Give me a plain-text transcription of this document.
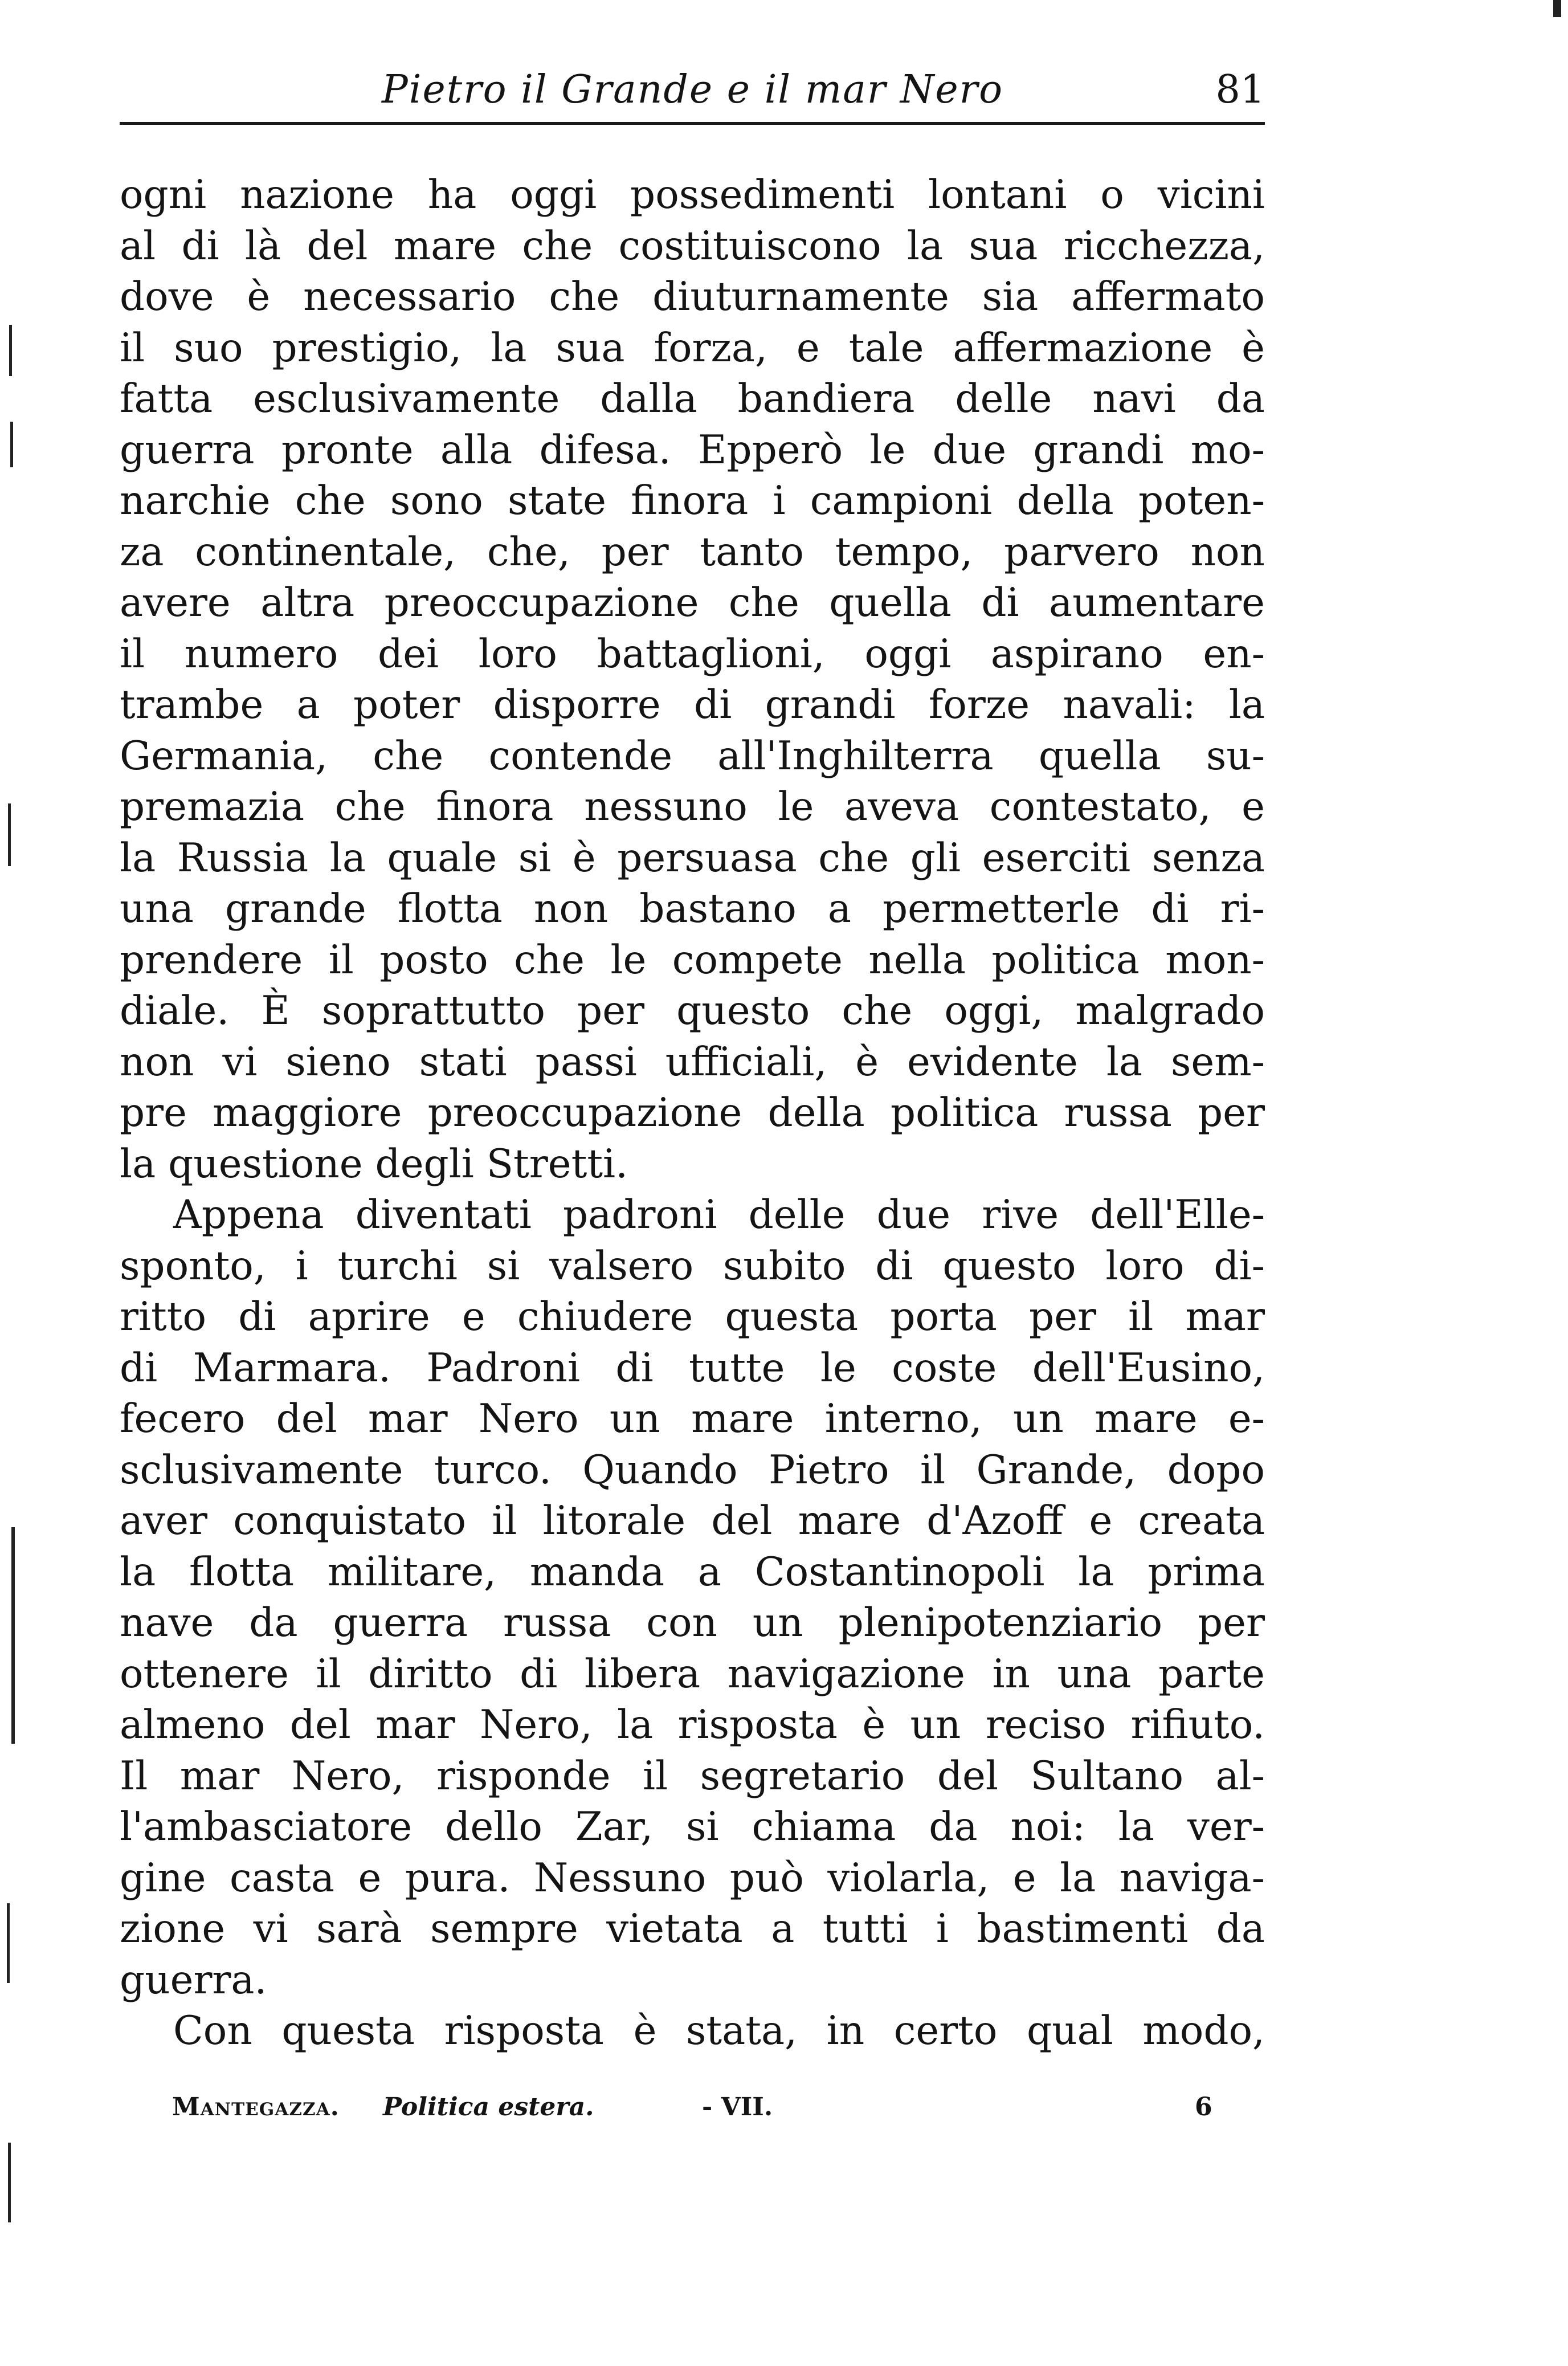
Pietro il Grande e il mar Nero	81
ogni nazione ha oggi possedimenti lontani o vicini
al di là del mare che costituiscono la sua ricchezza,
dove è necessario che diuturnamente sia affermato
il suo prestigio, la sua forza, e tale affermazione è
fatta esclusivamente dalla bandiera delle navi da
guerra pronte alla difesa. Epperò le due grandi mo-
narchie che sono state finora i campioni della poten-
za continentale, che, per tanto tempo, parvero non
avere altra preoccupazione che quella di aumentare
il numero dei loro battaglioni, oggi aspirano en-
trambe a poter disporre di grandi forze navali: la
Germania, che contende all'Inghilterra quella su-
premazia che finora nessuno le aveva contestato, e
la Russia la quale si è persuasa che gli eserciti senza
una grande flotta non bastano a permetterle di ri-
prendere il posto che le compete nella politica mon-
diale. È soprattutto per questo che oggi, malgrado
non vi sieno stati passi ufficiali, è evidente la sem-
pre maggiore preoccupazione della politica russa per
la questione degli Stretti.
Appena diventati padroni delle due rive dell'Elle-
sponto, i turchi si valsero subito di questo loro di-
ritto di aprire e chiudere questa porta per il mar
di Marmara. Padroni di tutte le coste dell'Eusino,
fecero del mar Nero un mare interno, un mare e-
sclusivamente turco. Quando Pietro il Grande, dopo
aver conquistato il litorale del mare d'Azoff e creata
la flotta militare, manda a Costantinopoli la prima
nave da guerra russa con un plenipotenziario per
ottenere il diritto di libera navigazione in una parte
almeno del mar Nero, la risposta è un reciso rifiuto.
Il mar Nero, risponde il segretario del Sultano al-
l'ambasciatore dello Zar, si chiama da noi: la ver-
gine casta e pura. Nessuno può violarla, e la naviga-
zione vi sarà sempre vietata a tutti i bastimenti da
guerra.
Con questa risposta è stata, in certo qual modo,
Mantegazza. Politica estera.	- VII.	6
